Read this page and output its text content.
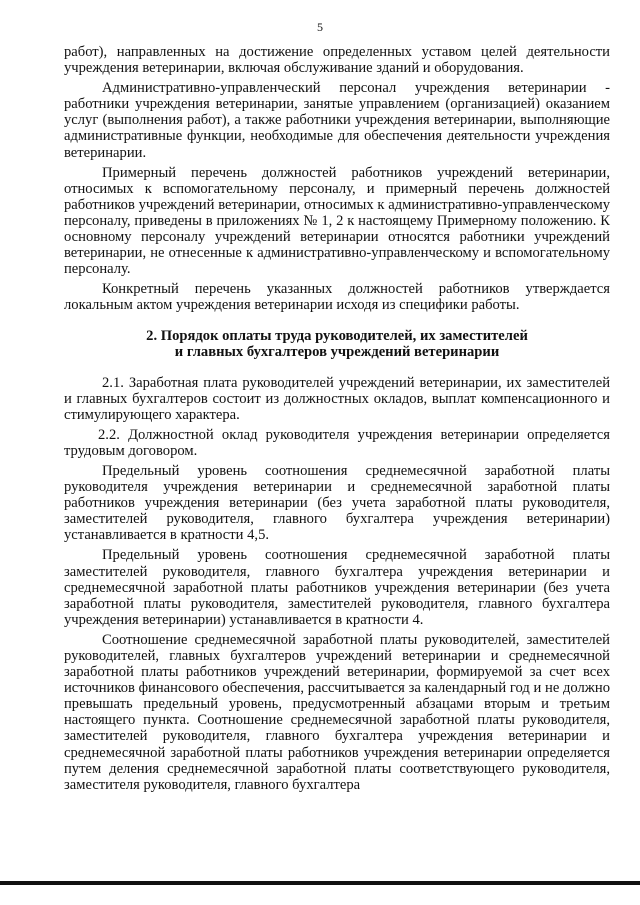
5

работ), направленных на достижение определенных уставом целей деятельности учреждения ветеринарии, включая обслуживание зданий и оборудования.

Административно-управленческий персонал учреждения ветеринарии - работники учреждения ветеринарии, занятые управлением (организацией) оказанием услуг (выполнения работ), а также работники учреждения ветеринарии, выполняющие административные функции, необходимые для обеспечения деятельности учреждения ветеринарии.

Примерный перечень должностей работников учреждений ветеринарии, относимых к вспомогательному персоналу, и примерный перечень должностей работников учреждений ветеринарии, относимых к административно-управленческому персоналу, приведены в приложениях № 1, 2 к настоящему Примерному положению. К основному персоналу учреждений ветеринарии относятся работники учреждений ветеринарии, не отнесенные к административно-управленческому и вспомогательному персоналу.

Конкретный перечень указанных должностей работников утверждается локальным актом учреждения ветеринарии исходя из специфики работы.

2. Порядок оплаты труда руководителей, их заместителей
и главных бухгалтеров учреждений ветеринарии

2.1. Заработная плата руководителей учреждений ветеринарии, их заместителей и главных бухгалтеров состоит из должностных окладов, выплат компенсационного и стимулирующего характера.

2.2. Должностной оклад руководителя учреждения ветеринарии определяется трудовым договором.

Предельный уровень соотношения среднемесячной заработной платы руководителя учреждения ветеринарии и среднемесячной заработной платы работников учреждения ветеринарии (без учета заработной платы руководителя, заместителей руководителя, главного бухгалтера учреждения ветеринарии) устанавливается в кратности 4,5.

Предельный уровень соотношения среднемесячной заработной платы заместителей руководителя, главного бухгалтера учреждения ветеринарии и среднемесячной заработной платы работников учреждения ветеринарии (без учета заработной платы руководителя, заместителей руководителя, главного бухгалтера учреждения ветеринарии) устанавливается в кратности 4.

Соотношение среднемесячной заработной платы руководителей, заместителей руководителей, главных бухгалтеров учреждений ветеринарии и среднемесячной заработной платы работников учреждений ветеринарии, формируемой за счет всех источников финансового обеспечения, рассчитывается за календарный год и не должно превышать предельный уровень, предусмотренный абзацами вторым и третьим настоящего пункта. Соотношение среднемесячной заработной платы руководителя, заместителей руководителя, главного бухгалтера учреждения ветеринарии и среднемесячной заработной платы работников учреждения ветеринарии определяется путем деления среднемесячной заработной платы соответствующего руководителя, заместителя руководителя, главного бухгалтера
